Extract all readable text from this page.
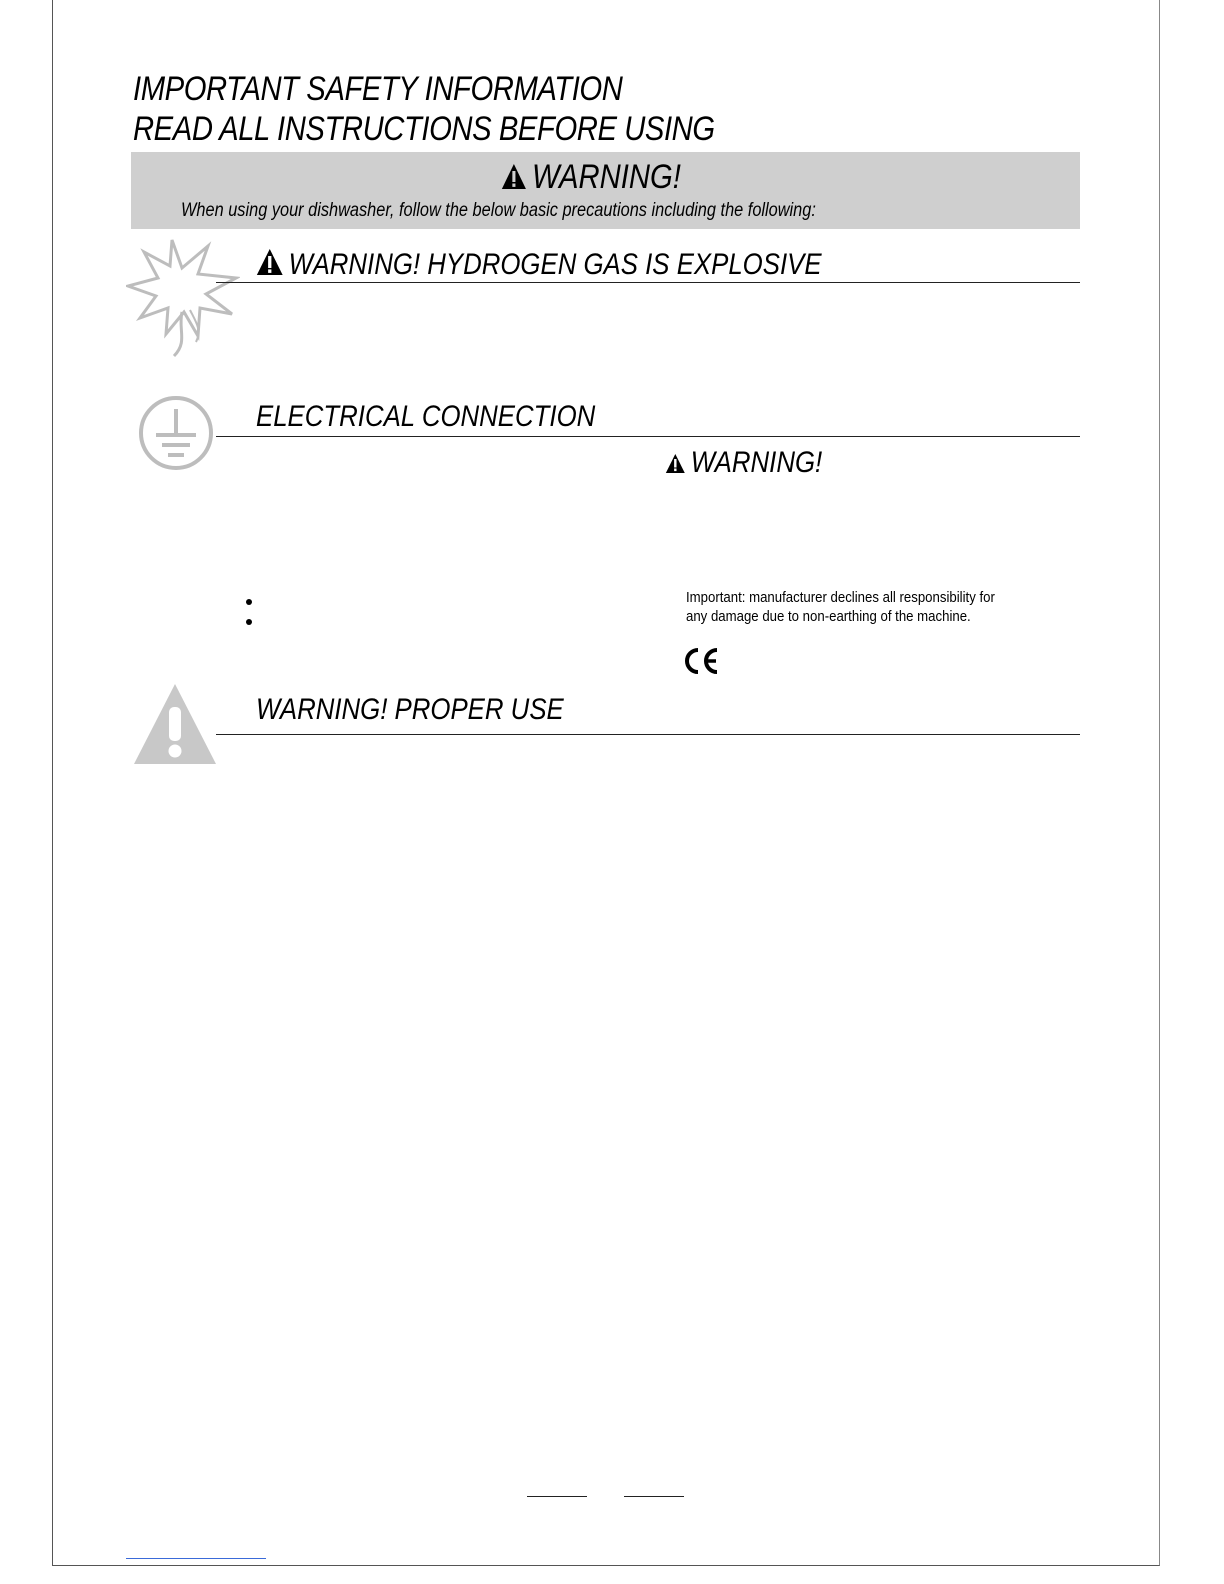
IMPORTANT SAFETY INFORMATION
READ ALL INSTRUCTIONS BEFORE USING
WARNING!
When using your dishwasher, follow the below basic precautions including the following:
WARNING! HYDROGEN GAS IS EXPLOSIVE
ELECTRICAL CONNECTION
WARNING!
Important: manufacturer declines all responsibility for
any damage due to non-earthing of the machine.
WARNING! PROPER USE
